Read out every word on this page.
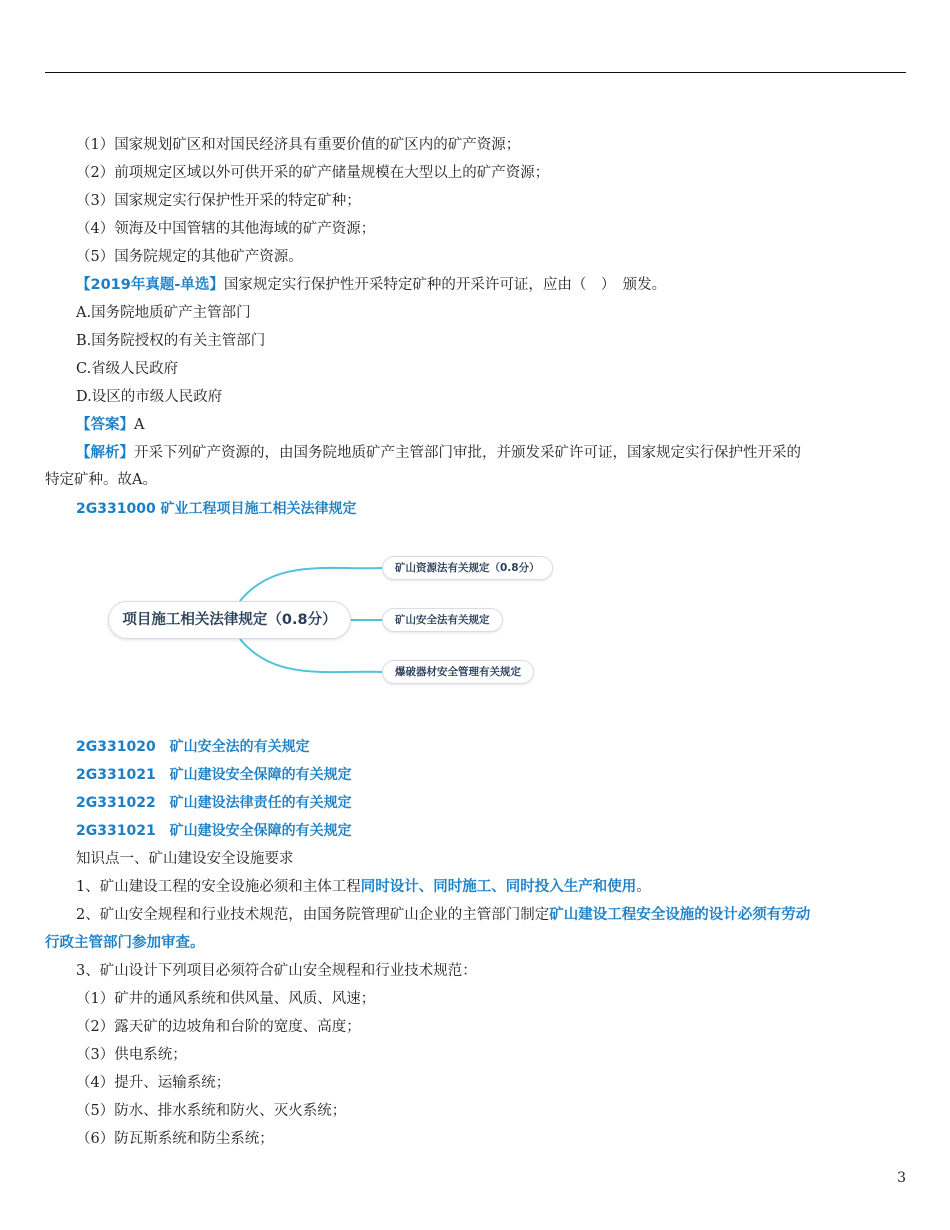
（1）国家规划矿区和对国民经济具有重要价值的矿区内的矿产资源；
（2）前项规定区域以外可供开采的矿产储量规模在大型以上的矿产资源；
（3）国家规定实行保护性开采的特定矿种；
（4）领海及中国管辖的其他海域的矿产资源；
（5）国务院规定的其他矿产资源。
【2019年真题-单选】国家规定实行保护性开采特定矿种的开采许可证，应由（　）　颁发。
A.国务院地质矿产主管部门
B.国务院授权的有关主管部门
C.省级人民政府
D.设区的市级人民政府
【答案】A
【解析】开采下列矿产资源的，由国务院地质矿产主管部门审批，并颁发采矿许可证，国家规定实行保护性开采的
特定矿种。故A。
2G331000 矿业工程项目施工相关法律规定
项目施工相关法律规定（0.8分）
矿山资源法有关规定（0.8分）
矿山安全法有关规定
爆破器材安全管理有关规定
2G331020　矿山安全法的有关规定
2G331021　矿山建设安全保障的有关规定
2G331022　矿山建设法律责任的有关规定
2G331021　矿山建设安全保障的有关规定
知识点一、矿山建设安全设施要求
1、矿山建设工程的安全设施必须和主体工程同时设计、同时施工、同时投入生产和使用。
2、矿山安全规程和行业技术规范，由国务院管理矿山企业的主管部门制定矿山建设工程安全设施的设计必须有劳动
行政主管部门参加审查。
3、矿山设计下列项目必须符合矿山安全规程和行业技术规范：
（1）矿井的通风系统和供风量、风质、风速；
（2）露天矿的边坡角和台阶的宽度、高度；
（3）供电系统；
（4）提升、运输系统；
（5）防水、排水系统和防火、灭火系统；
（6）防瓦斯系统和防尘系统；
3
